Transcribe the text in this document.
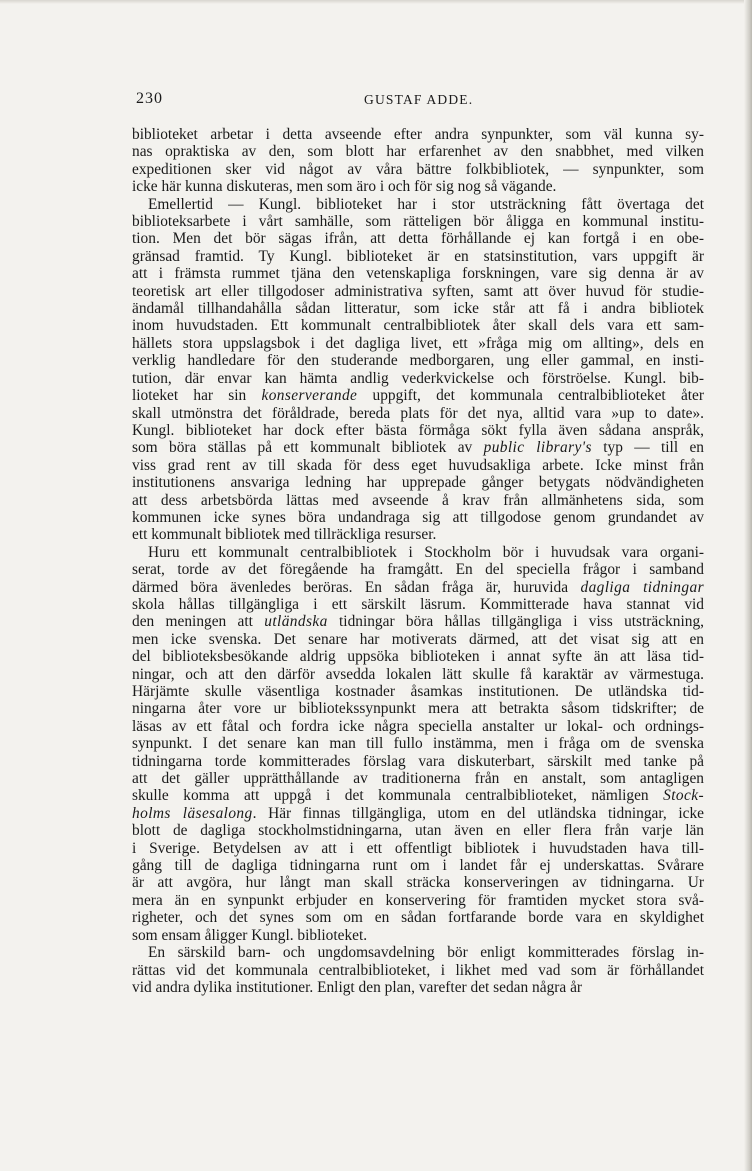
230	GUSTAF ADDE.

biblioteket arbetar i detta avseende efter andra synpunkter, som väl kunna sy-
nas opraktiska av den, som blott har erfarenhet av den snabbhet, med vilken
expeditionen sker vid något av våra bättre folkbibliotek, — synpunkter, som
icke här kunna diskuteras, men som äro i och för sig nog så vägande.

Emellertid — Kungl. biblioteket har i stor utsträckning fått övertaga det
biblioteksarbete i vårt samhälle, som rätteligen bör åligga en kommunal institu-
tion. Men det bör sägas ifrån, att detta förhållande ej kan fortgå i en obe-
gränsad framtid. Ty Kungl. biblioteket är en statsinstitution, vars uppgift är
att i främsta rummet tjäna den vetenskapliga forskningen, vare sig denna är av
teoretisk art eller tillgodoser administrativa syften, samt att över huvud för studie-
ändamål tillhandahålla sådan litteratur, som icke står att få i andra bibliotek
inom huvudstaden. Ett kommunalt centralbibliotek åter skall dels vara ett sam-
hällets stora uppslagsbok i det dagliga livet, ett »fråga mig om allting», dels en
verklig handledare för den studerande medborgaren, ung eller gammal, en insti-
tution, där envar kan hämta andlig vederkvickelse och förströelse. Kungl. bib-
lioteket har sin konserverande uppgift, det kommunala centralbiblioteket åter
skall utmönstra det föråldrade, bereda plats för det nya, alltid vara »up to date».
Kungl. biblioteket har dock efter bästa förmåga sökt fylla även sådana anspråk,
som böra ställas på ett kommunalt bibliotek av public library's typ — till en
viss grad rent av till skada för dess eget huvudsakliga arbete. Icke minst från
institutionens ansvariga ledning har upprepade gånger betygats nödvändigheten
att dess arbetsbörda lättas med avseende å krav från allmänhetens sida, som
kommunen icke synes böra undandraga sig att tillgodose genom grundandet av
ett kommunalt bibliotek med tillräckliga resurser.

Huru ett kommunalt centralbibliotek i Stockholm bör i huvudsak vara organi-
serat, torde av det föregående ha framgått. En del speciella frågor i samband
därmed böra ävenledes beröras. En sådan fråga är, huruvida dagliga tidningar
skola hållas tillgängliga i ett särskilt läsrum. Kommitterade hava stannat vid
den meningen att utländska tidningar böra hållas tillgängliga i viss utsträckning,
men icke svenska. Det senare har motiverats därmed, att det visat sig att en
del biblioteksbesökande aldrig uppsöka biblioteken i annat syfte än att läsa tid-
ningar, och att den därför avsedda lokalen lätt skulle få karaktär av värmestuga.
Härjämte skulle väsentliga kostnader åsamkas institutionen. De utländska tid-
ningarna åter vore ur bibliotekssynpunkt mera att betrakta såsom tidskrifter; de
läsas av ett fåtal och fordra icke några speciella anstalter ur lokal- och ordnings-
synpunkt. I det senare kan man till fullo instämma, men i fråga om de svenska
tidningarna torde kommitterades förslag vara diskuterbart, särskilt med tanke på
att det gäller upprätthållande av traditionerna från en anstalt, som antagligen
skulle komma att uppgå i det kommunala centralbiblioteket, nämligen Stock-
holms läsesalong. Här finnas tillgängliga, utom en del utländska tidningar, icke
blott de dagliga stockholmstidningarna, utan även en eller flera från varje län
i Sverige. Betydelsen av att i ett offentligt bibliotek i huvudstaden hava till-
gång till de dagliga tidningarna runt om i landet får ej underskattas. Svårare
är att avgöra, hur långt man skall sträcka konserveringen av tidningarna. Ur
mera än en synpunkt erbjuder en konservering för framtiden mycket stora svå-
righeter, och det synes som om en sådan fortfarande borde vara en skyldighet
som ensam åligger Kungl. biblioteket.

En särskild barn- och ungdomsavdelning bör enligt kommitterades förslag in-
rättas vid det kommunala centralbiblioteket, i likhet med vad som är förhållandet
vid andra dylika institutioner. Enligt den plan, varefter det sedan några år
